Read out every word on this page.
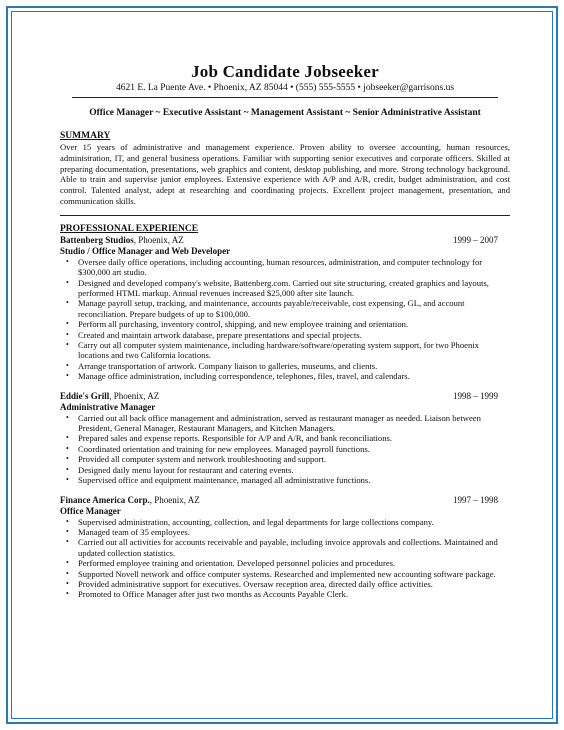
Job Candidate Jobseeker
4621 E. La Puente Ave. • Phoenix, AZ 85044 • (555) 555-5555 • jobseeker@garrisons.us
Office Manager ~ Executive Assistant ~ Management Assistant ~ Senior Administrative Assistant
SUMMARY

Over 15 years of administrative and management experience. Proven ability to oversee accounting, human resources, administration, IT, and general business operations. Familiar with supporting senior executives and corporate officers. Skilled at preparing documentation, presentations, web graphics and content, desktop publishing, and more. Strong technology background. Able to train and supervise junior employees. Extensive experience with A/P and A/R, credit, budget administration, and cost control. Talented analyst, adept at researching and coordinating projects. Excellent project management, presentation, and communication skills.

PROFESSIONAL EXPERIENCE
Battenberg Studios, Phoenix, AZ	1999 – 2007
Studio / Office Manager and Web Developer
• Oversee daily office operations, including accounting, human resources, administration, and computer technology for $300,000 art studio.
• Designed and developed company's website, Battenberg.com. Carried out site structuring, created graphics and layouts, performed HTML markup. Annual revenues increased $25,000 after site launch.
• Manage payroll setup, tracking, and maintenance, accounts payable/receivable, cost expensing, GL, and account reconciliation. Prepare budgets of up to $100,000.
• Perform all purchasing, inventory control, shipping, and new employee training and orientation.
• Created and maintain artwork database, prepare presentations and special projects.
• Carry out all computer system maintenance, including hardware/software/operating system support, for two Phoenix locations and two California locations.
• Arrange transportation of artwork. Company liaison to galleries, museums, and clients.
• Manage office administration, including correspondence, telephones, files, travel, and calendars.
Eddie's Grill, Phoenix, AZ	1998 – 1999
Administrative Manager
• Carried out all back office management and administration, served as restaurant manager as needed. Liaison between President, General Manager, Restaurant Managers, and Kitchen Managers.
• Prepared sales and expense reports. Responsible for A/P and A/R, and bank reconciliations.
• Coordinated orientation and training for new employees. Managed payroll functions.
• Provided all computer system and network troubleshooting and support.
• Designed daily menu layout for restaurant and catering events.
• Supervised office and equipment maintenance, managed all administrative functions.
Finance America Corp., Phoenix, AZ	1997 – 1998
Office Manager
• Supervised administration, accounting, collection, and legal departments for large collections company.
• Managed team of 35 employees.
• Carried out all activities for accounts receivable and payable, including invoice approvals and collections. Maintained and updated collection statistics.
• Performed employee training and orientation. Developed personnel policies and procedures.
• Supported Novell network and office computer systems. Researched and implemented new accounting software package.
• Provided administrative support for executives. Oversaw reception area, directed daily office activities.
• Promoted to Office Manager after just two months as Accounts Payable Clerk.
